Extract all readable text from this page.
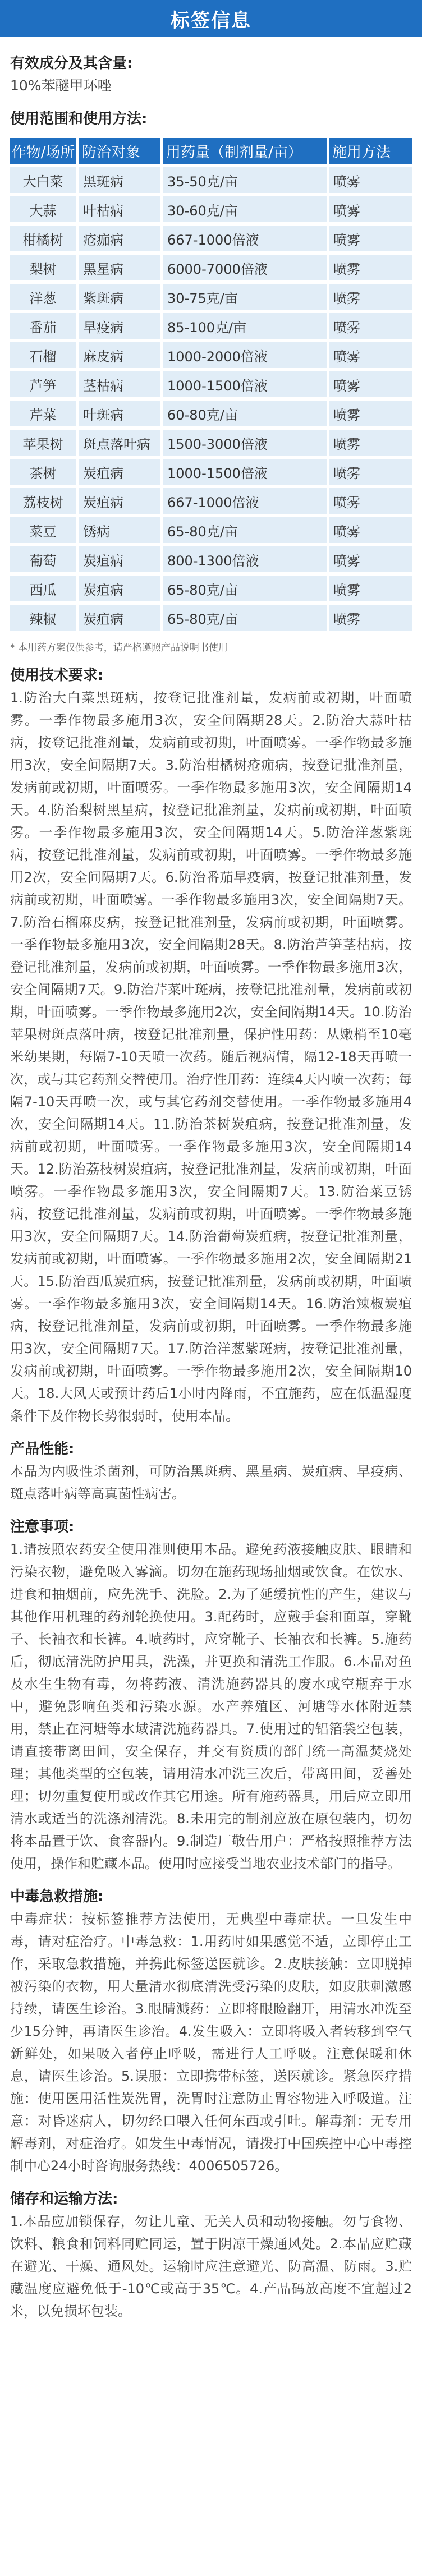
标签信息

有效成分及其含量:

10%苯醚甲环唑

使用范围和使用方法:

作物/场所	防治对象	用药量（制剂量/亩）	施用方法
大白菜	黑斑病	35-50克/亩	喷雾
大蒜	叶枯病	30-60克/亩	喷雾
柑橘树	疮痂病	667-1000倍液	喷雾
梨树	黑星病	6000-7000倍液	喷雾
洋葱	紫斑病	30-75克/亩	喷雾
番茄	早疫病	85-100克/亩	喷雾
石榴	麻皮病	1000-2000倍液	喷雾
芦笋	茎枯病	1000-1500倍液	喷雾
芹菜	叶斑病	60-80克/亩	喷雾
苹果树	斑点落叶病	1500-3000倍液	喷雾
茶树	炭疽病	1000-1500倍液	喷雾
荔枝树	炭疽病	667-1000倍液	喷雾
菜豆	锈病	65-80克/亩	喷雾
葡萄	炭疽病	800-1300倍液	喷雾
西瓜	炭疽病	65-80克/亩	喷雾
辣椒	炭疽病	65-80克/亩	喷雾

* 本用药方案仅供参考，请严格遵照产品说明书使用

使用技术要求:

1.防治大白菜黑斑病，按登记批准剂量，发病前或初期，叶面喷雾。一季作物最多施用3次，安全间隔期28天。2.防治大蒜叶枯病，按登记批准剂量，发病前或初期，叶面喷雾。一季作物最多施用3次，安全间隔期7天。3.防治柑橘树疮痂病，按登记批准剂量，发病前或初期，叶面喷雾。一季作物最多施用3次，安全间隔期14天。4.防治梨树黑星病，按登记批准剂量，发病前或初期，叶面喷雾。一季作物最多施用3次，安全间隔期14天。5.防治洋葱紫斑病，按登记批准剂量，发病前或初期，叶面喷雾。一季作物最多施用2次，安全间隔期7天。6.防治番茄早疫病，按登记批准剂量，发病前或初期，叶面喷雾。一季作物最多施用3次，安全间隔期7天。7.防治石榴麻皮病，按登记批准剂量，发病前或初期，叶面喷雾。一季作物最多施用3次，安全间隔期28天。8.防治芦笋茎枯病，按登记批准剂量，发病前或初期，叶面喷雾。一季作物最多施用3次，安全间隔期7天。9.防治芹菜叶斑病，按登记批准剂量，发病前或初期，叶面喷雾。一季作物最多施用2次，安全间隔期14天。10.防治苹果树斑点落叶病，按登记批准剂量，保护性用药：从嫩梢至10毫米幼果期，每隔7-10天喷一次药。随后视病情，隔12-18天再喷一次，或与其它药剂交替使用。治疗性用药：连续4天内喷一次药；每隔7-10天再喷一次，或与其它药剂交替使用。一季作物最多施用4次，安全间隔期14天。11.防治茶树炭疽病，按登记批准剂量，发病前或初期，叶面喷雾。一季作物最多施用3次，安全间隔期14天。12.防治荔枝树炭疽病，按登记批准剂量，发病前或初期，叶面喷雾。一季作物最多施用3次，安全间隔期7天。13.防治菜豆锈病，按登记批准剂量，发病前或初期，叶面喷雾。一季作物最多施用3次，安全间隔期7天。14.防治葡萄炭疽病，按登记批准剂量，发病前或初期，叶面喷雾。一季作物最多施用2次，安全间隔期21天。15.防治西瓜炭疽病，按登记批准剂量，发病前或初期，叶面喷雾。一季作物最多施用3次，安全间隔期14天。16.防治辣椒炭疽病，按登记批准剂量，发病前或初期，叶面喷雾。一季作物最多施用3次，安全间隔期7天。17.防治洋葱紫斑病，按登记批准剂量，发病前或初期，叶面喷雾。一季作物最多施用2次，安全间隔期10天。18.大风天或预计药后1小时内降雨，不宜施药，应在低温湿度条件下及作物长势很弱时，使用本品。

产品性能:

本品为内吸性杀菌剂，可防治黑斑病、黑星病、炭疽病、早疫病、斑点落叶病等高真菌性病害。

注意事项:

1.请按照农药安全使用准则使用本品。避免药液接触皮肤、眼睛和污染衣物，避免吸入雾滴。切勿在施药现场抽烟或饮食。在饮水、进食和抽烟前，应先洗手、洗脸。2.为了延缓抗性的产生，建议与其他作用机理的药剂轮换使用。3.配药时，应戴手套和面罩，穿靴子、长袖衣和长裤。4.喷药时，应穿靴子、长袖衣和长裤。5.施药后，彻底清洗防护用具，洗澡，并更换和清洗工作服。6.本品对鱼及水生生物有毒，勿将药液、清洗施药器具的废水或空瓶弃于水中，避免影响鱼类和污染水源。水产养殖区、河塘等水体附近禁用，禁止在河塘等水域清洗施药器具。7.使用过的铝箔袋空包装，请直接带离田间，安全保存，并交有资质的部门统一高温焚烧处理；其他类型的空包装，请用清水冲洗三次后，带离田间，妥善处理；切勿重复使用或改作其它用途。所有施药器具，用后应立即用清水或适当的洗涤剂清洗。8.未用完的制剂应放在原包装内，切勿将本品置于饮、食容器内。9.制造厂敬告用户：严格按照推荐方法使用，操作和贮藏本品。使用时应接受当地农业技术部门的指导。

中毒急救措施:

中毒症状：按标签推荐方法使用，无典型中毒症状。一旦发生中毒，请对症治疗。中毒急救：1.用药时如果感觉不适，立即停止工作，采取急救措施，并携此标签送医就诊。2.皮肤接触：立即脱掉被污染的衣物，用大量清水彻底清洗受污染的皮肤，如皮肤刺激感持续，请医生诊治。3.眼睛溅药：立即将眼睑翻开，用清水冲洗至少15分钟，再请医生诊治。4.发生吸入：立即将吸入者转移到空气新鲜处，如果吸入者停止呼吸，需进行人工呼吸。注意保暖和休息，请医生诊治。5.误服：立即携带标签，送医就诊。紧急医疗措施：使用医用活性炭洗胃，洗胃时注意防止胃容物进入呼吸道。注意：对昏迷病人，切勿经口喂入任何东西或引吐。解毒剂：无专用解毒剂，对症治疗。如发生中毒情况，请拨打中国疾控中心中毒控制中心24小时咨询服务热线：4006505726。

储存和运输方法:

1.本品应加锁保存，勿让儿童、无关人员和动物接触。勿与食物、饮料、粮食和饲料同贮同运，置于阴凉干燥通风处。2.本品应贮藏在避光、干燥、通风处。运输时应注意避光、防高温、防雨。3.贮藏温度应避免低于-10℃或高于35℃。4.产品码放高度不宜超过2米，以免损坏包装。
